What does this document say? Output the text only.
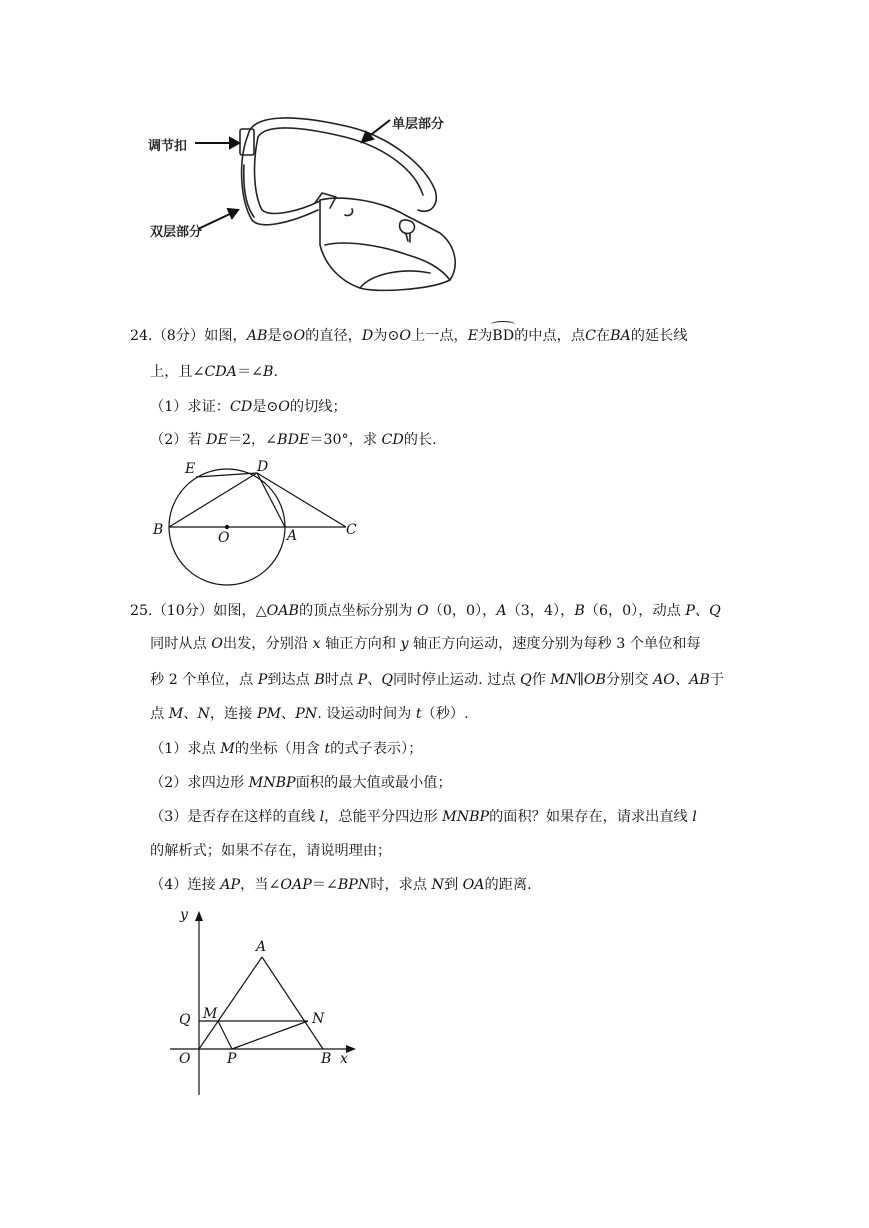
调节扣
单层部分
双层部分
24.（8分）如图，AB是⊙O的直径，D为⊙O上一点，E为
BD的中点，点C在BA的延长线
上，且∠CDA＝∠B.
（1）求证：CD是⊙O的切线；
（2）若 DE＝2，∠BDE＝30°，求 CD的长.
E	D
B	O	A	C
25.（10分）如图，△OAB的顶点坐标分别为 O（0，0），A（3，4），B（6，0），动点 P、Q
同时从点 O出发，分别沿 x 轴正方向和 y 轴正方向运动，速度分别为每秒 3 个单位和每
秒 2 个单位，点 P到达点 B时点 P、Q同时停止运动. 过点 Q作 MN∥OB分别交 AO、AB于
点 M、N，连接 PM、PN. 设运动时间为 t（秒）.
（1）求点 M的坐标（用含 t的式子表示）；
（2）求四边形 MNBP面积的最大值或最小值；
（3）是否存在这样的直线 l，总能平分四边形 MNBP的面积？如果存在，请求出直线 l
的解析式；如果不存在，请说明理由；
（4）连接 AP，当∠OAP＝∠BPN时，求点 N到 OA的距离.
y
x
A
Q M	N
O	P	B
